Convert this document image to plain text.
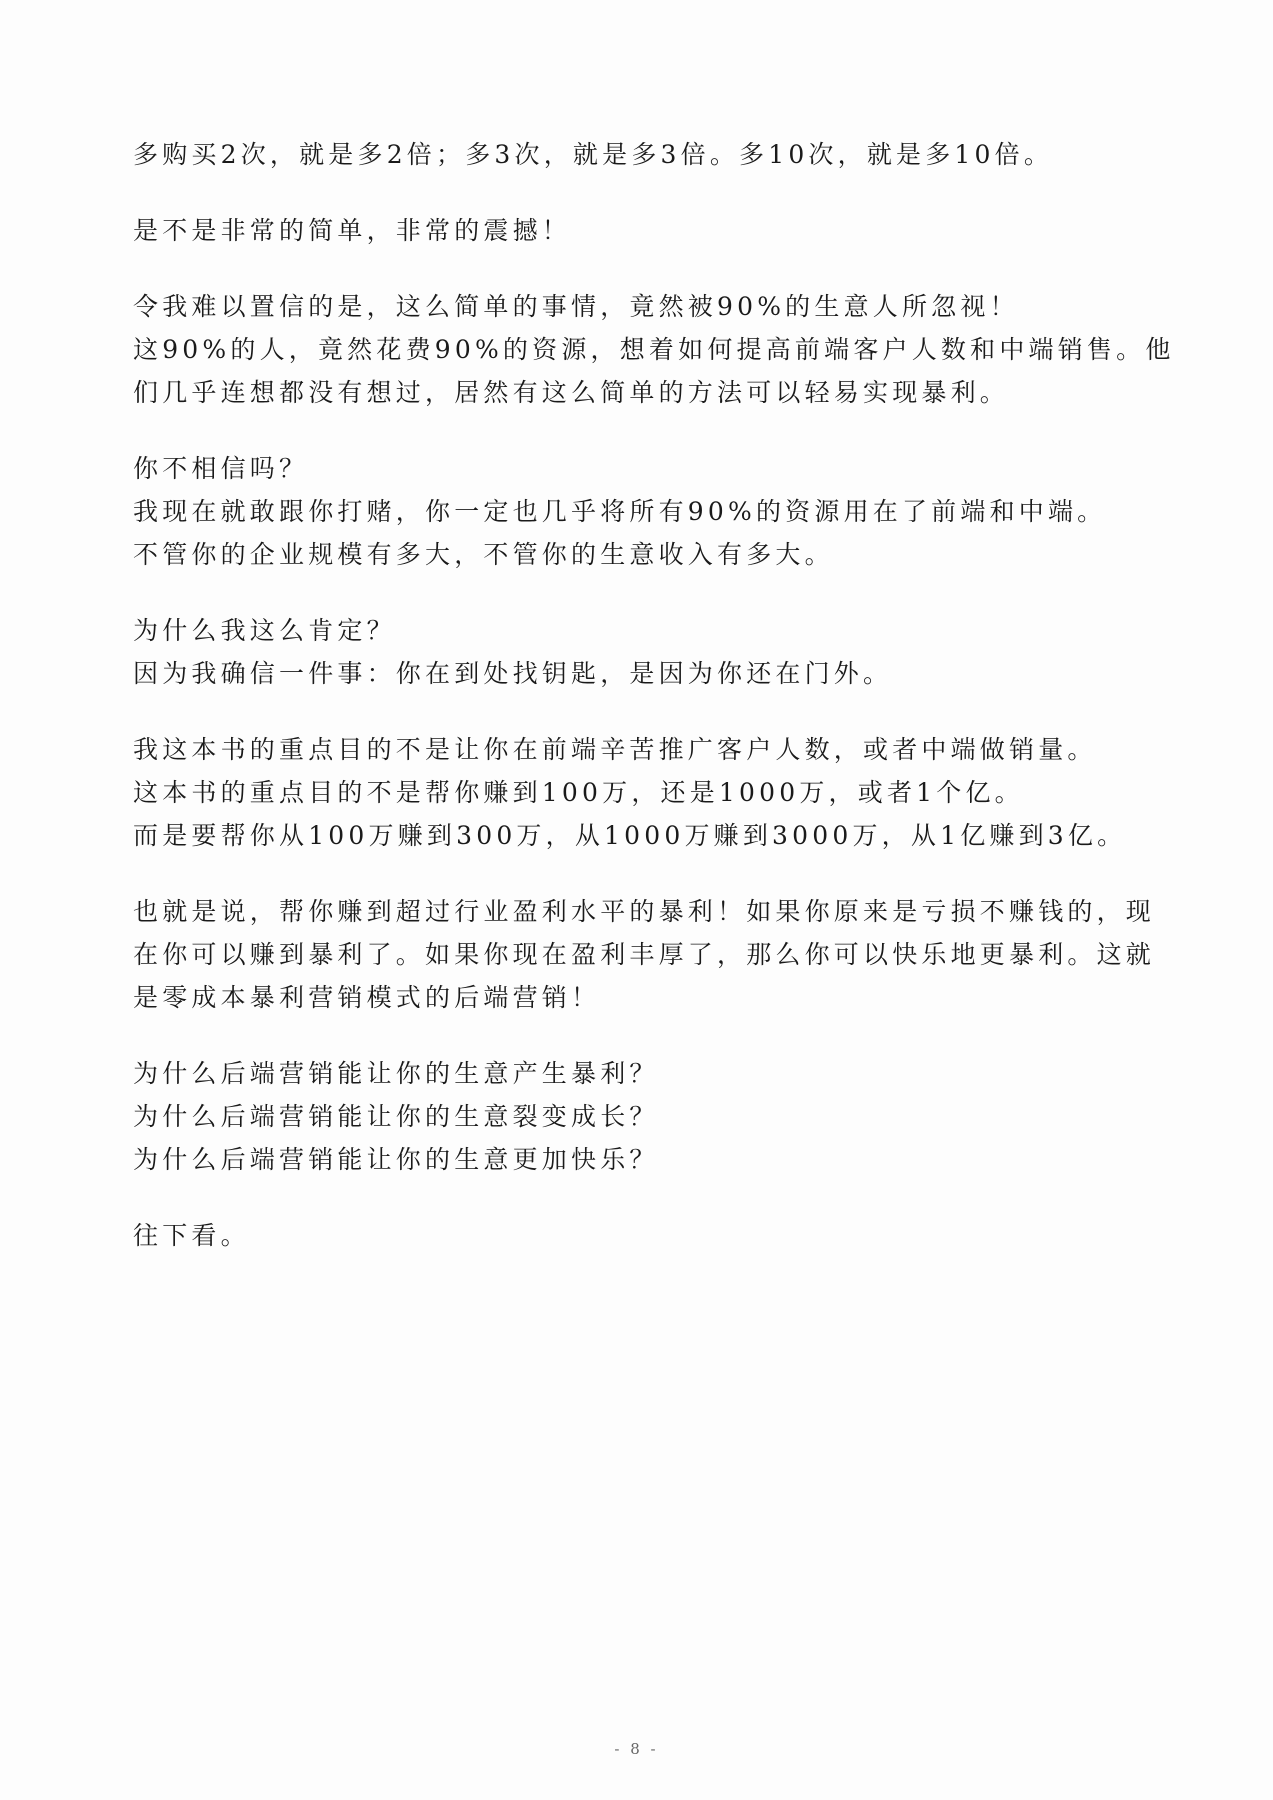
多购买2次，就是多2倍；多3次，就是多3倍。多10次，就是多10倍。
是不是非常的简单，非常的震撼！
令我难以置信的是，这么简单的事情，竟然被90%的生意人所忽视！
这90%的人，竟然花费90%的资源，想着如何提高前端客户人数和中端销售。他
们几乎连想都没有想过，居然有这么简单的方法可以轻易实现暴利。
你不相信吗？
我现在就敢跟你打赌，你一定也几乎将所有90%的资源用在了前端和中端。
不管你的企业规模有多大，不管你的生意收入有多大。
为什么我这么肯定？
因为我确信一件事：你在到处找钥匙，是因为你还在门外。
我这本书的重点目的不是让你在前端辛苦推广客户人数，或者中端做销量。
这本书的重点目的不是帮你赚到100万，还是1000万，或者1个亿。
而是要帮你从100万赚到300万，从1000万赚到3000万，从1亿赚到3亿。
也就是说，帮你赚到超过行业盈利水平的暴利！如果你原来是亏损不赚钱的，现
在你可以赚到暴利了。如果你现在盈利丰厚了，那么你可以快乐地更暴利。这就
是零成本暴利营销模式的后端营销！
为什么后端营销能让你的生意产生暴利？
为什么后端营销能让你的生意裂变成长？
为什么后端营销能让你的生意更加快乐？
往下看。
- 8 -
